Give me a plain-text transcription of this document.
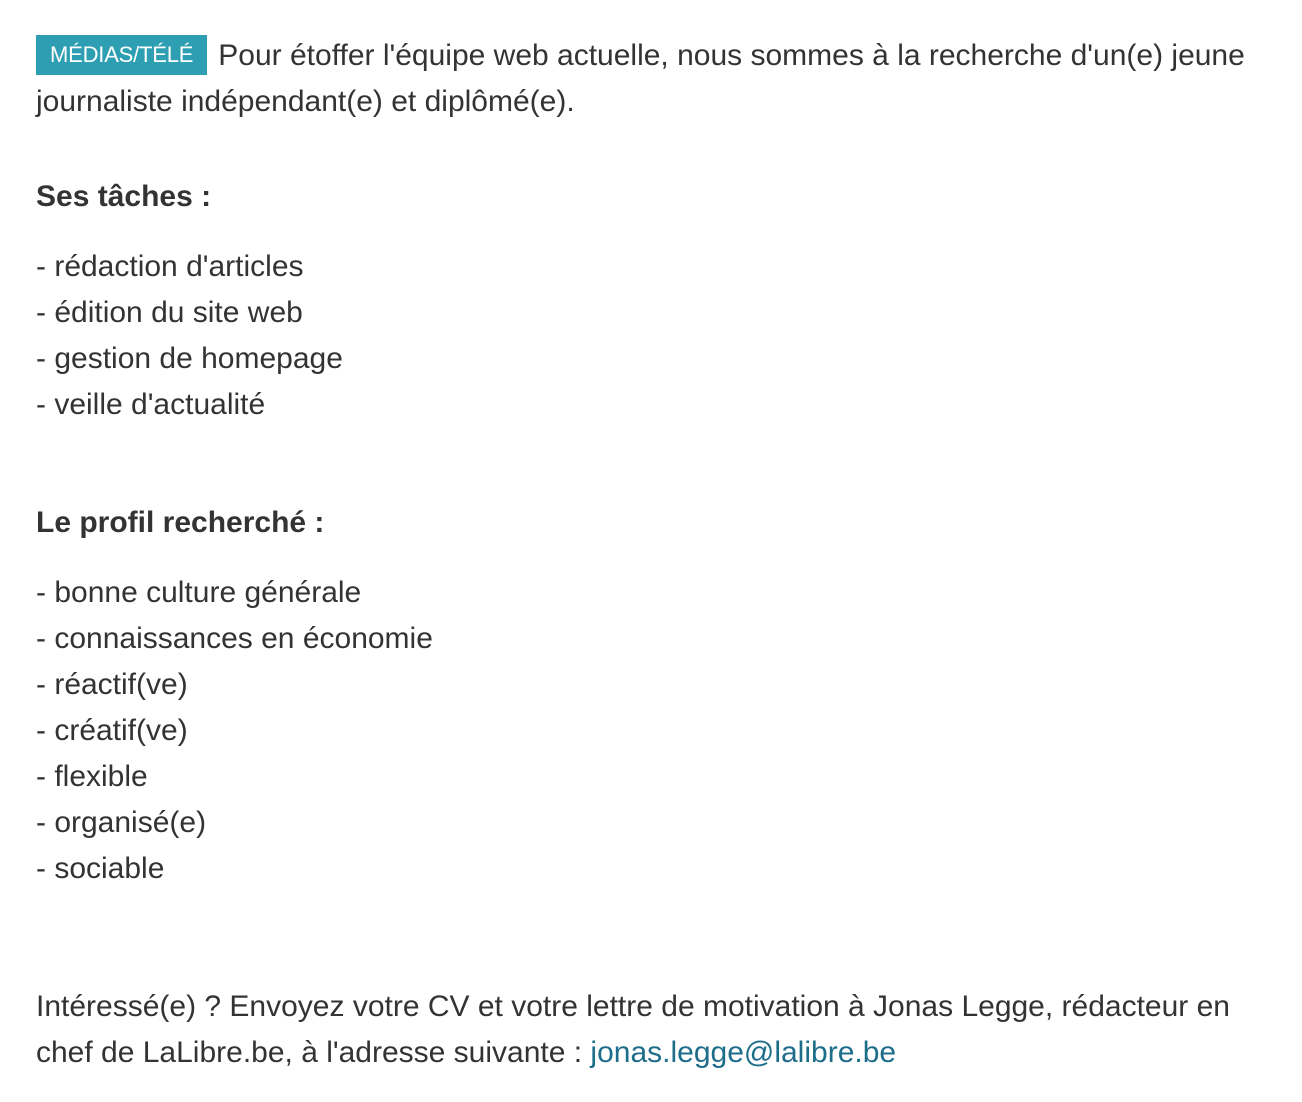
MÉDIAS/TÉLÉ Pour étoffer l'équipe web actuelle, nous sommes à la recherche d'un(e) jeune journaliste indépendant(e) et diplômé(e).

Ses tâches :
- rédaction d'articles
- édition du site web
- gestion de homepage
- veille d'actualité
Le profil recherché :
- bonne culture générale
- connaissances en économie
- réactif(ve)
- créatif(ve)
- flexible
- organisé(e)
- sociable

Intéressé(e) ? Envoyez votre CV et votre lettre de motivation à Jonas Legge, rédacteur en chef de LaLibre.be, à l'adresse suivante : jonas.legge@lalibre.be
